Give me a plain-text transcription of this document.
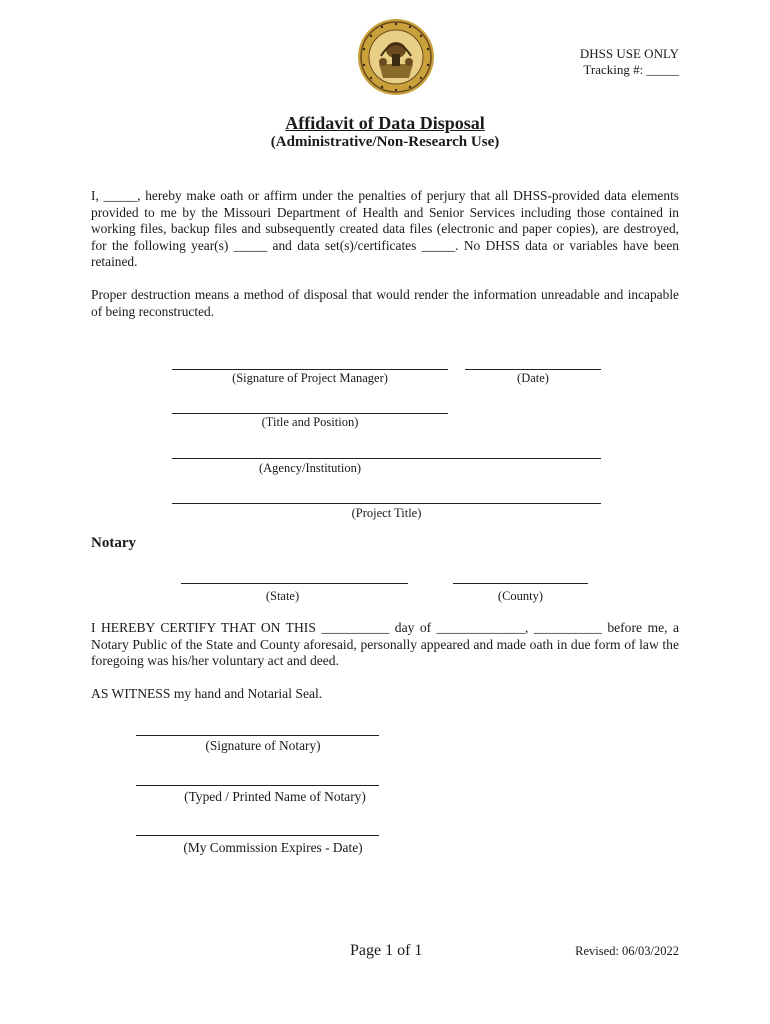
DHSS USE ONLY
Tracking #: _____
Affidavit of Data Disposal
(Administrative/Non-Research Use)
I, _____, hereby make oath or affirm under the penalties of perjury that all DHSS-provided data elements provided to me by the Missouri Department of Health and Senior Services including those contained in working files, backup files and subsequently created data files (electronic and paper copies), are destroyed, for the following year(s) _____ and data set(s)/certificates _____. No DHSS data or variables have been retained.
Proper destruction means a method of disposal that would render the information unreadable and incapable of being reconstructed.
(Signature of Project Manager)	(Date)
(Title and Position)
(Agency/Institution)
(Project Title)
Notary
(State)	(County)
I HEREBY CERTIFY THAT ON THIS __________ day of _____________, __________ before me, a Notary Public of the State and County aforesaid, personally appeared and made oath in due form of law the foregoing was his/her voluntary act and deed.
AS WITNESS my hand and Notarial Seal.
(Signature of Notary)
(Typed / Printed Name of Notary)
(My Commission Expires - Date)
Page 1 of 1	Revised: 06/03/2022
